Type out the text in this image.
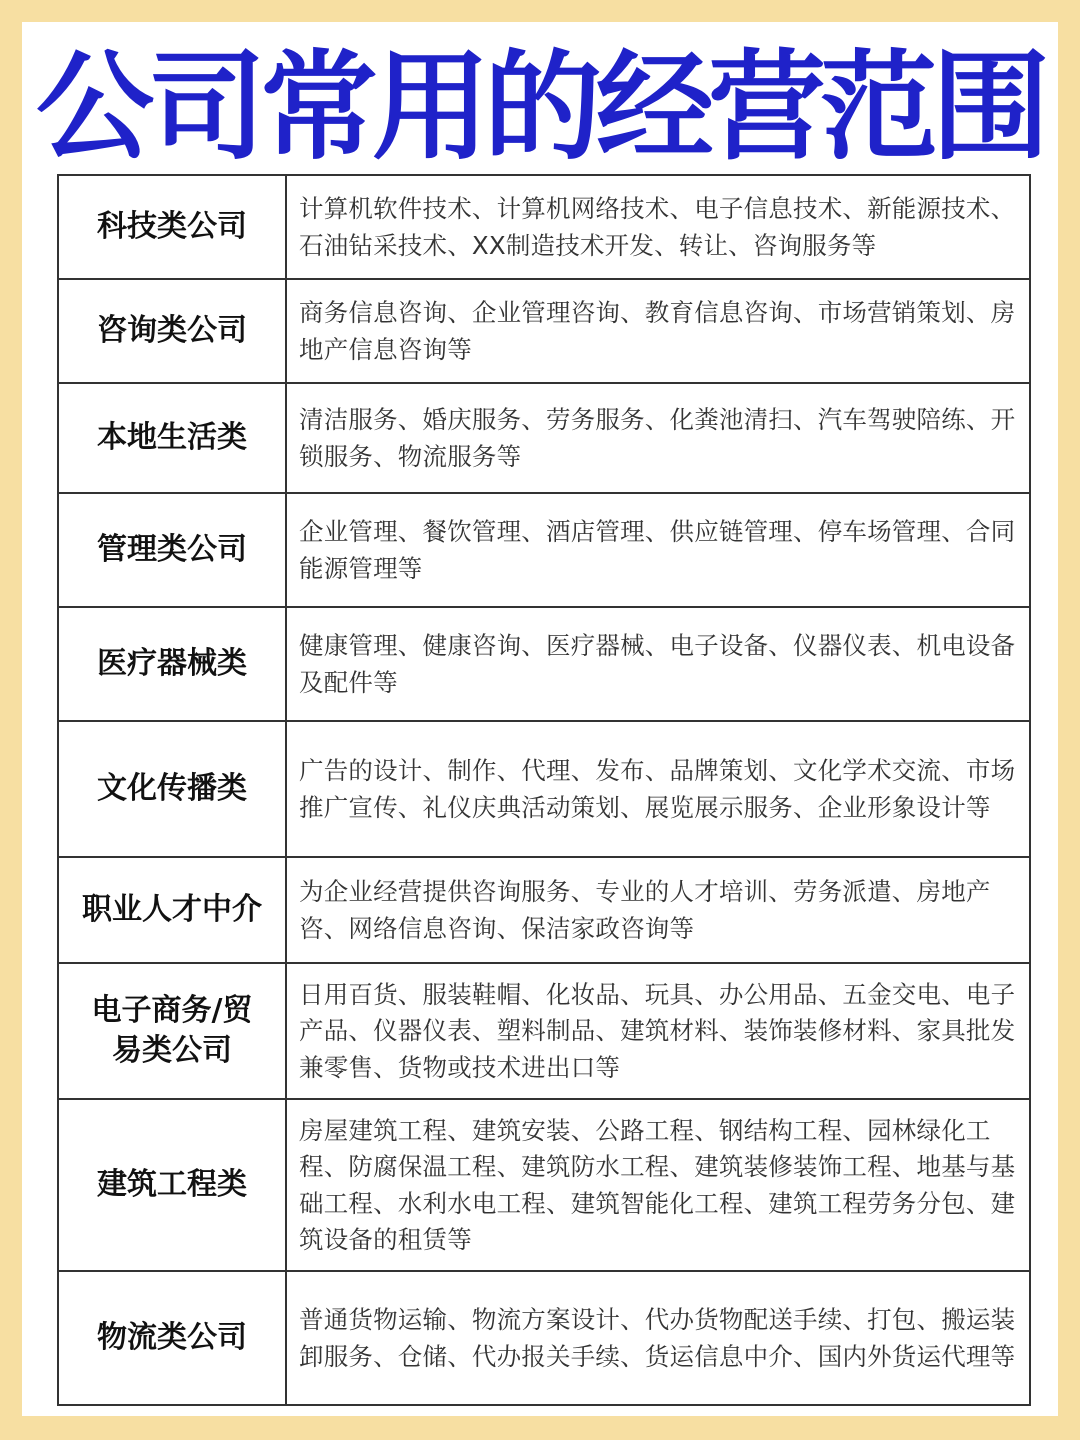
公司常用的经营范围
科技类公司
计算机软件技术、计算机网络技术、电子信息技术、新能源技术、石油钻采技术、XX制造技术开发、转让、咨询服务等
咨询类公司
商务信息咨询、企业管理咨询、教育信息咨询、市场营销策划、房地产信息咨询等
本地生活类
清洁服务、婚庆服务、劳务服务、化粪池清扫、汽车驾驶陪练、开锁服务、物流服务等
管理类公司
企业管理、餐饮管理、酒店管理、供应链管理、停车场管理、合同能源管理等
医疗器械类
健康管理、健康咨询、医疗器械、电子设备、仪器仪表、机电设备及配件等
文化传播类
广告的设计、制作、代理、发布、品牌策划、文化学术交流、市场推广宣传、礼仪庆典活动策划、展览展示服务、企业形象设计等
职业人才中介
为企业经营提供咨询服务、专业的人才培训、劳务派遣、房地产咨、网络信息咨询、保洁家政咨询等
电子商务/贸易类公司
日用百货、服装鞋帽、化妆品、玩具、办公用品、五金交电、电子产品、仪器仪表、塑料制品、建筑材料、装饰装修材料、家具批发兼零售、货物或技术进出口等
建筑工程类
房屋建筑工程、建筑安装、公路工程、钢结构工程、园林绿化工程、防腐保温工程、建筑防水工程、建筑装修装饰工程、地基与基础工程、水利水电工程、建筑智能化工程、建筑工程劳务分包、建筑设备的租赁等
物流类公司
普通货物运输、物流方案设计、代办货物配送手续、打包、搬运装卸服务、仓储、代办报关手续、货运信息中介、国内外货运代理等
